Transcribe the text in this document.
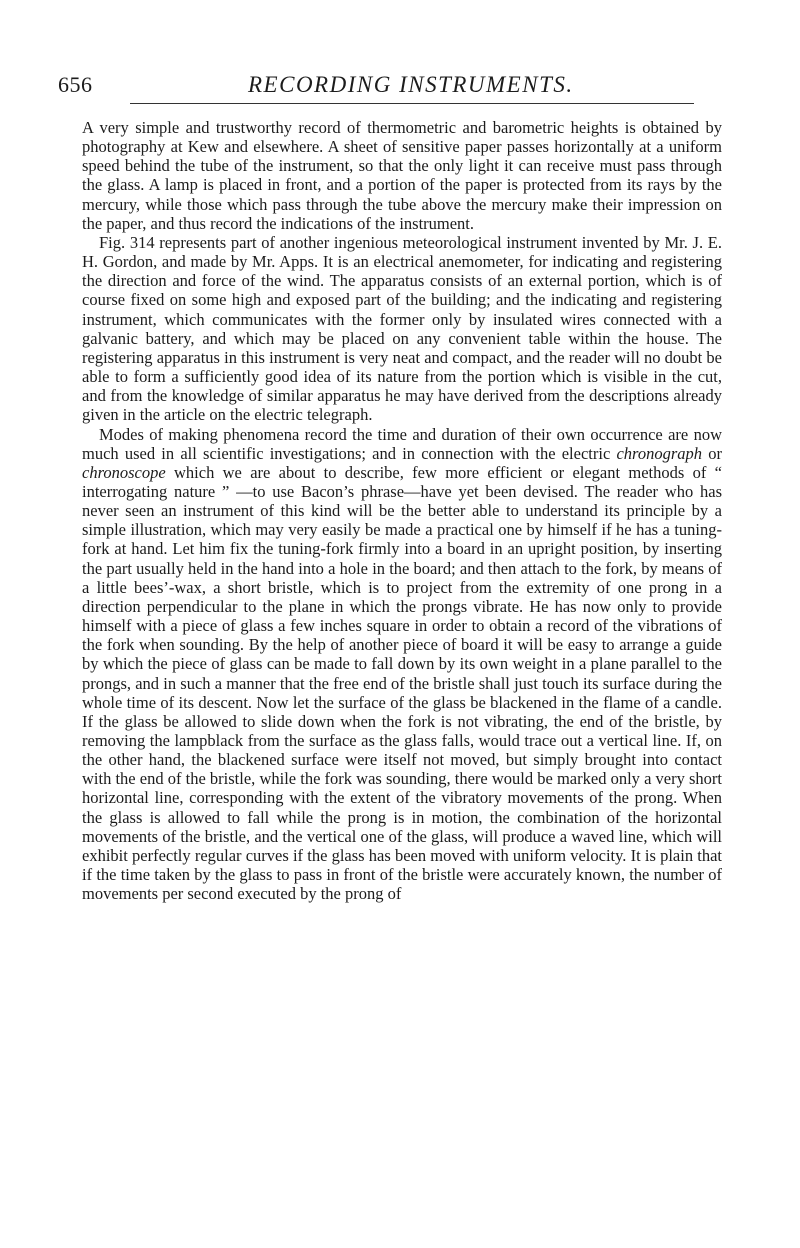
656	RECORDING INSTRUMENTS.

A very simple and trustworthy record of thermometric and barometric heights is obtained by photography at Kew and elsewhere. A sheet of sensitive paper passes horizontally at a uniform speed behind the tube of the instrument, so that the only light it can receive must pass through the glass. A lamp is placed in front, and a portion of the paper is protected from its rays by the mercury, while those which pass through the tube above the mercury make their impression on the paper, and thus record the indications of the instrument.

Fig. 314 represents part of another ingenious meteorological instrument invented by Mr. J. E. H. Gordon, and made by Mr. Apps. It is an electrical anemometer, for indicating and registering the direction and force of the wind. The apparatus consists of an external portion, which is of course fixed on some high and exposed part of the building; and the indicating and registering instrument, which communicates with the former only by insulated wires connected with a galvanic battery, and which may be placed on any convenient table within the house. The registering apparatus in this instrument is very neat and compact, and the reader will no doubt be able to form a sufficiently good idea of its nature from the portion which is visible in the cut, and from the knowledge of similar apparatus he may have derived from the descriptions already given in the article on the electric telegraph.

Modes of making phenomena record the time and duration of their own occurrence are now much used in all scientific investigations; and in connection with the electric chronograph or chronoscope which we are about to describe, few more efficient or elegant methods of “ interrogating nature ” —to use Bacon’s phrase—have yet been devised. The reader who has never seen an instrument of this kind will be the better able to understand its principle by a simple illustration, which may very easily be made a practical one by himself if he has a tuning-fork at hand. Let him fix the tuning-fork firmly into a board in an upright position, by inserting the part usually held in the hand into a hole in the board; and then attach to the fork, by means of a little bees’-wax, a short bristle, which is to project from the extremity of one prong in a direction perpendicular to the plane in which the prongs vibrate. He has now only to provide himself with a piece of glass a few inches square in order to obtain a record of the vibrations of the fork when sounding. By the help of another piece of board it will be easy to arrange a guide by which the piece of glass can be made to fall down by its own weight in a plane parallel to the prongs, and in such a manner that the free end of the bristle shall just touch its surface during the whole time of its descent. Now let the surface of the glass be blackened in the flame of a candle. If the glass be allowed to slide down when the fork is not vibrating, the end of the bristle, by removing the lampblack from the surface as the glass falls, would trace out a vertical line. If, on the other hand, the blackened surface were itself not moved, but simply brought into contact with the end of the bristle, while the fork was sounding, there would be marked only a very short horizontal line, corresponding with the extent of the vibratory movements of the prong. When the glass is allowed to fall while the prong is in motion, the combination of the horizontal movements of the bristle, and the vertical one of the glass, will produce a waved line, which will exhibit perfectly regular curves if the glass has been moved with uniform velocity. It is plain that if the time taken by the glass to pass in front of the bristle were accurately known, the number of movements per second executed by the prong of
